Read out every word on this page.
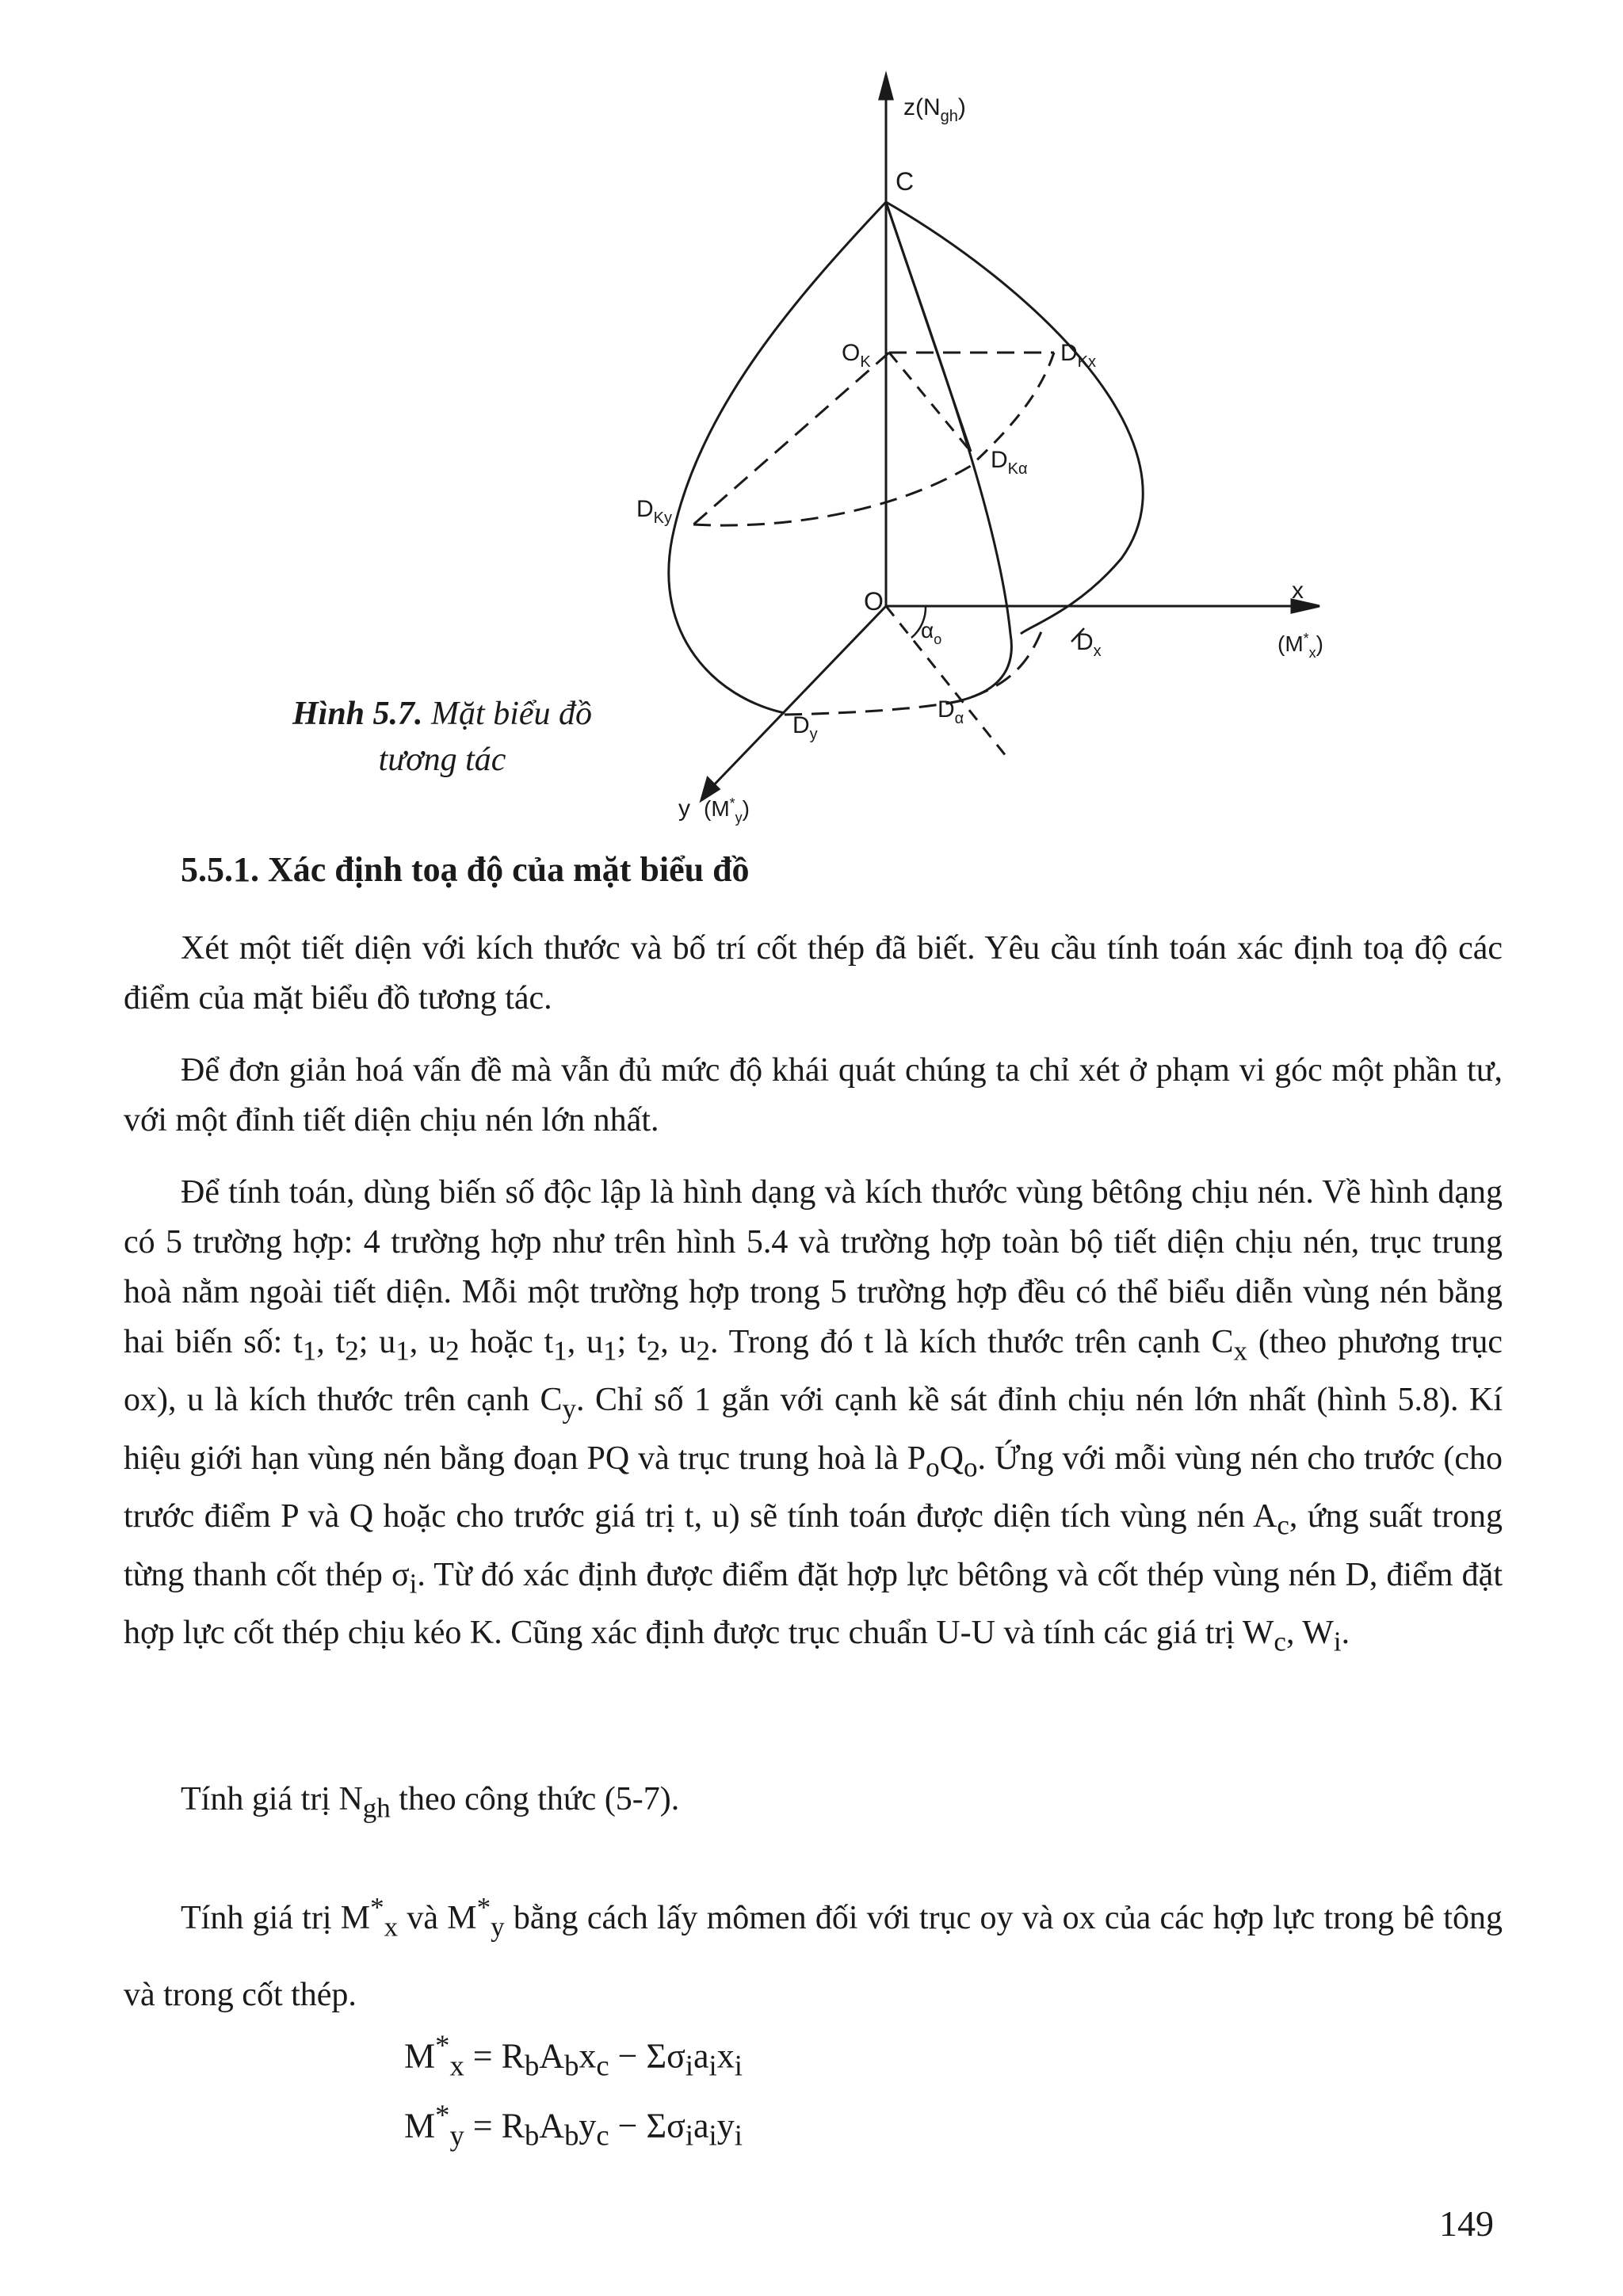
$z(N_{gh})$
C
O	x
$(M^*_x)$
y $(M^*_y)$
$O_K$	$D_{Kx}$
$D_{K\alpha}$
$D_{Ky}$
$D_x$
$D_y$
$D_\alpha$
$\alpha_o$
Hình 5.7. Mặt biểu đồ
tương tác
5.5.1. Xác định toạ độ của mặt biểu đồ

Xét một tiết diện với kích thước và bố trí cốt thép đã biết. Yêu cầu tính toán xác định toạ độ các điểm của mặt biểu đồ tương tác.

Để đơn giản hoá vấn đề mà vẫn đủ mức độ khái quát chúng ta chỉ xét ở phạm vi góc một phần tư, với một đỉnh tiết diện chịu nén lớn nhất.

Để tính toán, dùng biến số độc lập là hình dạng và kích thước vùng bêtông chịu nén. Về hình dạng có 5 trường hợp: 4 trường hợp như trên hình 5.4 và trường hợp toàn bộ tiết diện chịu nén, trục trung hoà nằm ngoài tiết diện. Mỗi một trường hợp trong 5 trường hợp đều có thể biểu diễn vùng nén bằng hai biến số: $t_1$, $t_2$; $u_1$, $u_2$ hoặc $t_1$, $u_1$; $t_2$, $u_2$. Trong đó t là kích thước trên cạnh $C_x$ (theo phương trục ox), u là kích thước trên cạnh $C_y$. Chỉ số 1 gắn với cạnh kề sát đỉnh chịu nén lớn nhất (hình 5.8). Kí hiệu giới hạn vùng nén bằng đoạn PQ và trục trung hoà là $P_oQ_o$. Ứng với mỗi vùng nén cho trước (cho trước điểm P và Q hoặc cho trước giá trị t, u) sẽ tính toán được diện tích vùng nén $A_c$, ứng suất trong từng thanh cốt thép $\sigma_i$. Từ đó xác định được điểm đặt hợp lực bêtông và cốt thép vùng nén D, điểm đặt hợp lực cốt thép chịu kéo K. Cũng xác định được trục chuẩn U-U và tính các giá trị $W_c$, $W_i$.

Tính giá trị $N_{gh}$ theo công thức (5-7).

Tính giá trị $M^*_x$ và $M^*_y$ bằng cách lấy mômen đối với trục oy và ox của các hợp lực trong bê tông và trong cốt thép.

$M^*_x = R_bA_bx_c - \Sigma\sigma_ia_ix_i$
$M^*_y = R_bA_by_c - \Sigma\sigma_ia_iy_i$
149
